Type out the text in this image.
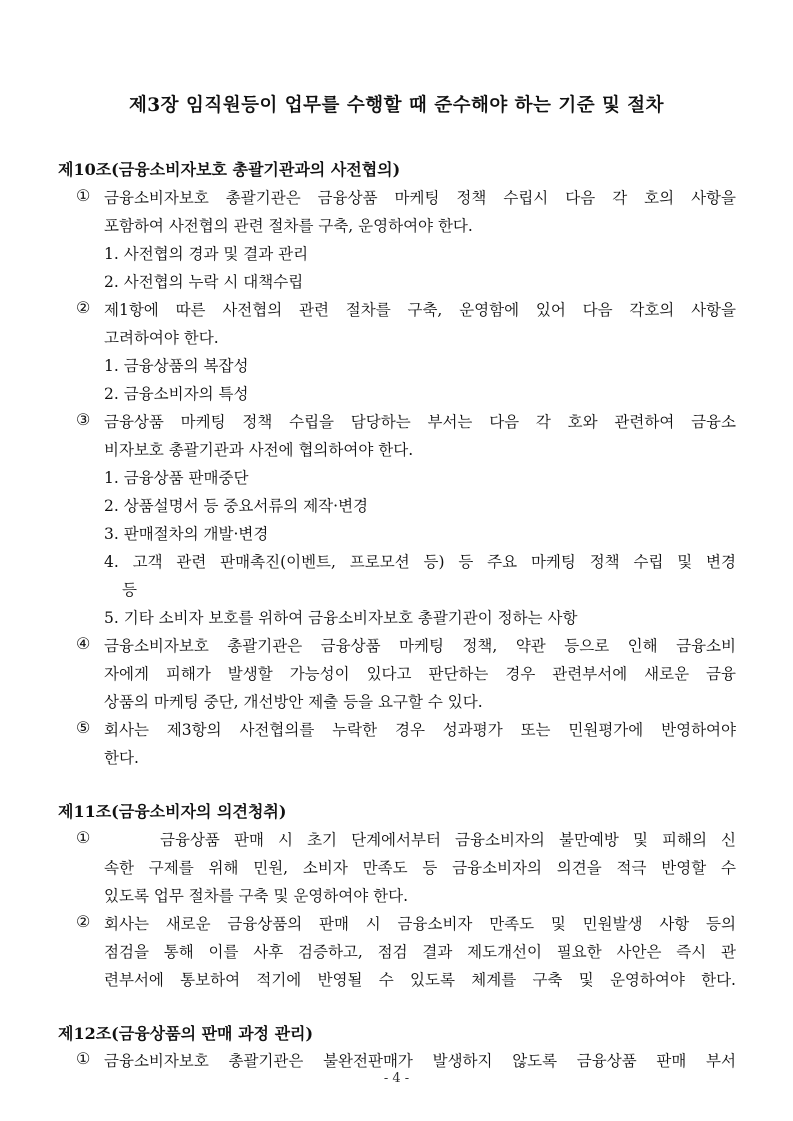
제3장 임직원등이 업무를 수행할 때 준수해야 하는 기준 및 절차
제10조(금융소비자보호 총괄기관과의 사전협의)
① 금융소비자보호 총괄기관은 금융상품 마케팅 정책 수립시 다음 각 호의 사항을
포함하여 사전협의 관련 절차를 구축, 운영하여야 한다.
1. 사전협의 경과 및 결과 관리
2. 사전협의 누락 시 대책수립
② 제1항에 따른 사전협의 관련 절차를 구축, 운영함에 있어 다음 각호의 사항을
고려하여야 한다.
1. 금융상품의 복잡성
2. 금융소비자의 특성
③ 금융상품 마케팅 정책 수립을 담당하는 부서는 다음 각 호와 관련하여 금융소
비자보호 총괄기관과 사전에 협의하여야 한다.
1. 금융상품 판매중단
2. 상품설명서 등 중요서류의 제작·변경
3. 판매절차의 개발·변경
4. 고객 관련 판매촉진(이벤트, 프로모션 등) 등 주요 마케팅 정책 수립 및 변경
등
5. 기타 소비자 보호를 위하여 금융소비자보호 총괄기관이 정하는 사항
④ 금융소비자보호 총괄기관은 금융상품 마케팅 정책, 약관 등으로 인해 금융소비
자에게 피해가 발생할 가능성이 있다고 판단하는 경우 관련부서에 새로운 금융
상품의 마케팅 중단, 개선방안 제출 등을 요구할 수 있다.
⑤ 회사는 제3항의 사전협의를 누락한 경우 성과평가 또는 민원평가에 반영하여야
한다.
제11조(금융소비자의 의견청취)
①	금융상품 판매 시 초기 단계에서부터 금융소비자의 불만예방 및 피해의 신
속한 구제를 위해 민원, 소비자 만족도 등 금융소비자의 의견을 적극 반영할 수
있도록 업무 절차를 구축 및 운영하여야 한다.
② 회사는 새로운 금융상품의 판매 시 금융소비자 만족도 및 민원발생 사항 등의
점검을 통해 이를 사후 검증하고, 점검 결과 제도개선이 필요한 사안은 즉시 관
련부서에 통보하여 적기에 반영될 수 있도록 체계를 구축 및 운영하여야 한다.
제12조(금융상품의 판매 과정 관리)
① 금융소비자보호 총괄기관은 불완전판매가 발생하지 않도록 금융상품 판매 부서
- 4 -
